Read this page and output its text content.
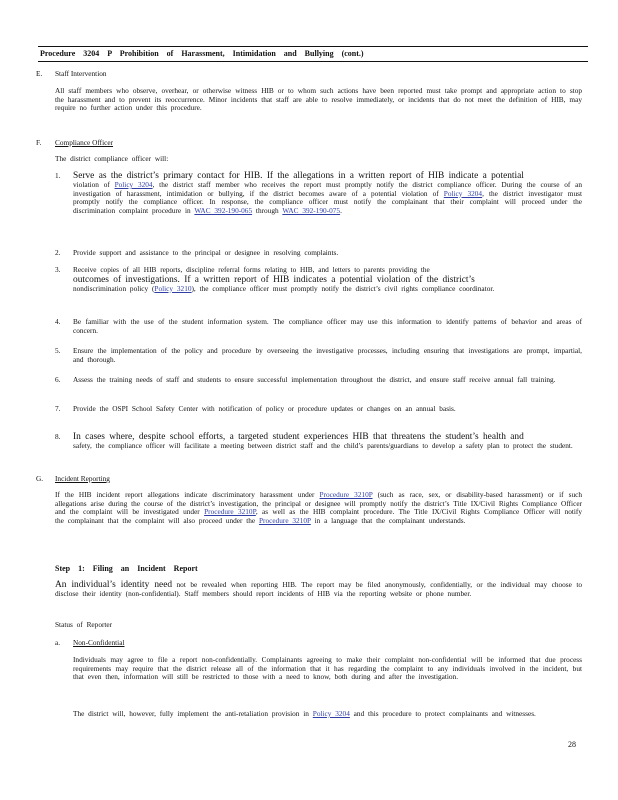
Procedure 3204 P Prohibition of Harassment, Intimidation and Bullying (cont.)
E. Staff Intervention
All staff members who observe, overhear, or otherwise witness HIB or to whom such actions have been reported must take prompt and appropriate action to stop the harassment and to prevent its reoccurrence. Minor incidents that staff are able to resolve immediately, or incidents that do not meet the definition of HIB, may require no further action under this procedure.
F. Compliance Officer
The district compliance officer will:
1. Serve as the district’s primary contact for HIB. If the allegations in a written report of HIB indicate a potential
violation of Policy 3204, the district staff member who receives the report must promptly notify the district compliance officer. During the course of an investigation of harassment, intimidation or bullying, if the district becomes aware of a potential violation of Policy 3204, the district investigator must promptly notify the compliance officer. In response, the compliance officer must notify the complainant that their complaint will proceed under the discrimination complaint procedure in WAC 392-190-065 through WAC 392-190-075.
2. Provide support and assistance to the principal or designee in resolving complaints.
3. Receive copies of all HIB reports, discipline referral forms relating to HIB, and letters to parents providing the
outcomes of investigations. If a written report of HIB indicates a potential violation of the district’s
nondiscrimination policy (Policy 3210), the compliance officer must promptly notify the district’s civil rights compliance coordinator.
4. Be familiar with the use of the student information system. The compliance officer may use this information to identify patterns of behavior and areas of concern.
5. Ensure the implementation of the policy and procedure by overseeing the investigative processes, including ensuring that investigations are prompt, impartial, and thorough.
6. Assess the training needs of staff and students to ensure successful implementation throughout the district, and ensure staff receive annual fall training.
7. Provide the OSPI School Safety Center with notification of policy or procedure updates or changes on an annual basis.
8. In cases where, despite school efforts, a targeted student experiences HIB that threatens the student’s health and
safety, the compliance officer will facilitate a meeting between district staff and the child’s parents/guardians to develop a safety plan to protect the student.
G. Incident Reporting
If the HIB incident report allegations indicate discriminatory harassment under Procedure 3210P (such as race, sex, or disability-based harassment) or if such allegations arise during the course of the district’s investigation, the principal or designee will promptly notify the district’s Title IX/Civil Rights Compliance Officer and the complaint will be investigated under Procedure 3210P, as well as the HIB complaint procedure. The Title IX/Civil Rights Compliance Officer will notify the complainant that the complaint will also proceed under the Procedure 3210P in a language that the complainant understands.
Step 1: Filing an Incident Report
An individual’s identity need not be revealed when reporting HIB. The report may be filed anonymously, confidentially, or the individual may choose to disclose their identity (non-confidential). Staff members should report incidents of HIB via the reporting website or phone number.
Status of Reporter
a. Non-Confidential
Individuals may agree to file a report non-confidentially. Complainants agreeing to make their complaint non-confidential will be informed that due process requirements may require that the district release all of the information that it has regarding the complaint to any individuals involved in the incident, but that even then, information will still be restricted to those with a need to know, both during and after the investigation.
The district will, however, fully implement the anti-retaliation provision in Policy 3204 and this procedure to protect complainants and witnesses.
28
